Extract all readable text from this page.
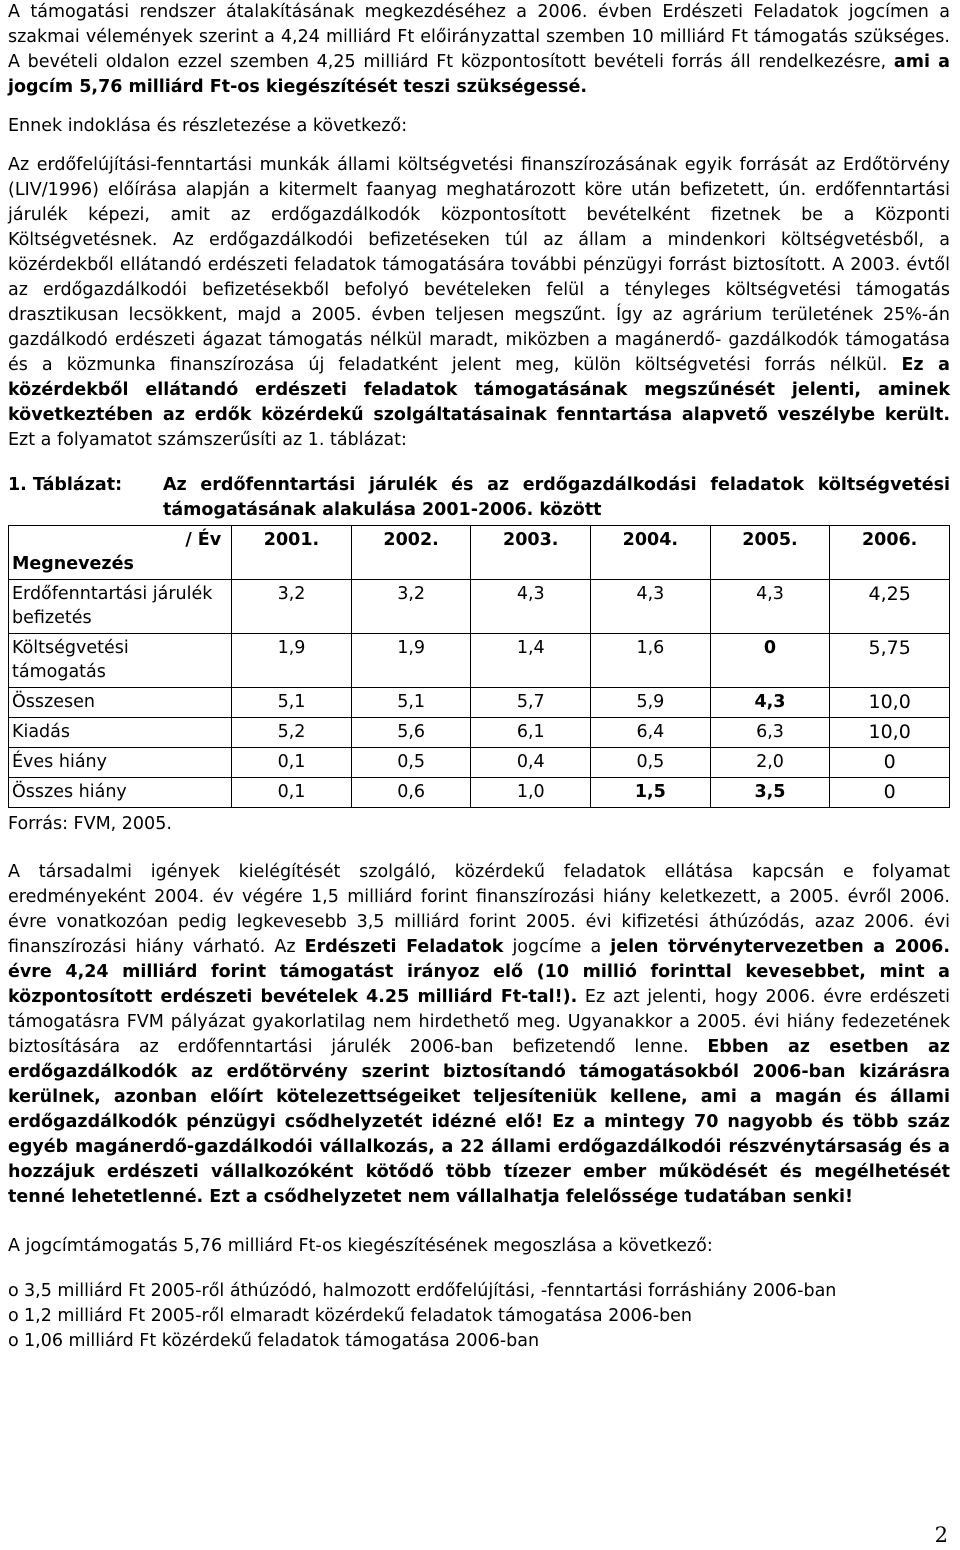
A támogatási rendszer átalakításának megkezdéséhez a 2006. évben Erdészeti Feladatok jogcímen a szakmai vélemények szerint a 4,24 milliárd Ft előirányzattal szemben 10 milliárd Ft támogatás szükséges. A bevételi oldalon ezzel szemben 4,25 milliárd Ft központosított bevételi forrás áll rendelkezésre, ami a jogcím 5,76 milliárd Ft-os kiegészítését teszi szükségessé.

Ennek indoklása és részletezése a következő:

Az erdőfelújítási-fenntartási munkák állami költségvetési finanszírozásának egyik forrását az Erdőtörvény (LIV/1996) előírása alapján a kitermelt faanyag meghatározott köre után befizetett, ún. erdőfenntartási járulék képezi, amit az erdőgazdálkodók központosított bevételként fizetnek be a Központi Költségvetésnek. Az erdőgazdálkodói befizetéseken túl az állam a mindenkori költségvetésből, a közérdekből ellátandó erdészeti feladatok támogatására további pénzügyi forrást biztosított. A 2003. évtől az erdőgazdálkodói befizetésekből befolyó bevételeken felül a tényleges költségvetési támogatás drasztikusan lecsökkent, majd a 2005. évben teljesen megszűnt. Így az agrárium területének 25%-án gazdálkodó erdészeti ágazat támogatás nélkül maradt, miközben a magánerdő- gazdálkodók támogatása és a közmunka finanszírozása új feladatként jelent meg, külön költségvetési forrás nélkül. Ez a közérdekből ellátandó erdészeti feladatok támogatásának megszűnését jelenti, aminek következtében az erdők közérdekű szolgáltatásainak fenntartása alapvető veszélybe került. Ezt a folyamatot számszerűsíti az 1. táblázat:

1. Táblázat:	Az erdőfenntartási járulék és az erdőgazdálkodási feladatok költségvetési támogatásának alakulása 2001-2006. között
/ Év
Megnevezés	2001.	2002.	2003.	2004.	2005.	2006.
Erdőfenntartási járulék befizetés	3,2	3,2	4,3	4,3	4,3	4,25
Költségvetési támogatás	1,9	1,9	1,4	1,6	0	5,75
Összesen	5,1	5,1	5,7	5,9	4,3	10,0
Kiadás	5,2	5,6	6,1	6,4	6,3	10,0
Éves hiány	0,1	0,5	0,4	0,5	2,0	0
Összes hiány	0,1	0,6	1,0	1,5	3,5	0
Forrás: FVM, 2005.

A társadalmi igények kielégítését szolgáló, közérdekű feladatok ellátása kapcsán e folyamat eredményeként 2004. év végére 1,5 milliárd forint finanszírozási hiány keletkezett, a 2005. évről 2006. évre vonatkozóan pedig legkevesebb 3,5 milliárd forint 2005. évi kifizetési áthúzódás, azaz 2006. évi finanszírozási hiány várható. Az Erdészeti Feladatok jogcíme a jelen törvénytervezetben a 2006. évre 4,24 milliárd forint támogatást irányoz elő (10 millió forinttal kevesebbet, mint a központosított erdészeti bevételek 4.25 milliárd Ft-tal!). Ez azt jelenti, hogy 2006. évre erdészeti támogatásra FVM pályázat gyakorlatilag nem hirdethető meg. Ugyanakkor a 2005. évi hiány fedezetének biztosítására az erdőfenntartási járulék 2006-ban befizetendő lenne. Ebben az esetben az erdőgazdálkodók az erdőtörvény szerint biztosítandó támogatásokból 2006-ban kizárásra kerülnek, azonban előírt kötelezettségeiket teljesíteniük kellene, ami a magán és állami erdőgazdálkodók pénzügyi csődhelyzetét idézné elő! Ez a mintegy 70 nagyobb és több száz egyéb magánerdő-gazdálkodói vállalkozás, a 22 állami erdőgazdálkodói részvénytársaság és a hozzájuk erdészeti vállalkozóként kötődő több tízezer ember működését és megélhetését tenné lehetetlenné. Ezt a csődhelyzetet nem vállalhatja felelőssége tudatában senki!

A jogcímtámogatás 5,76 milliárd Ft-os kiegészítésének megoszlása a következő:

o 3,5 milliárd Ft 2005-ről áthúzódó, halmozott erdőfelújítási, -fenntartási forráshiány 2006-ban
o 1,2 milliárd Ft 2005-ről elmaradt közérdekű feladatok támogatása 2006-ben
o 1,06 milliárd Ft közérdekű feladatok támogatása 2006-ban
2
